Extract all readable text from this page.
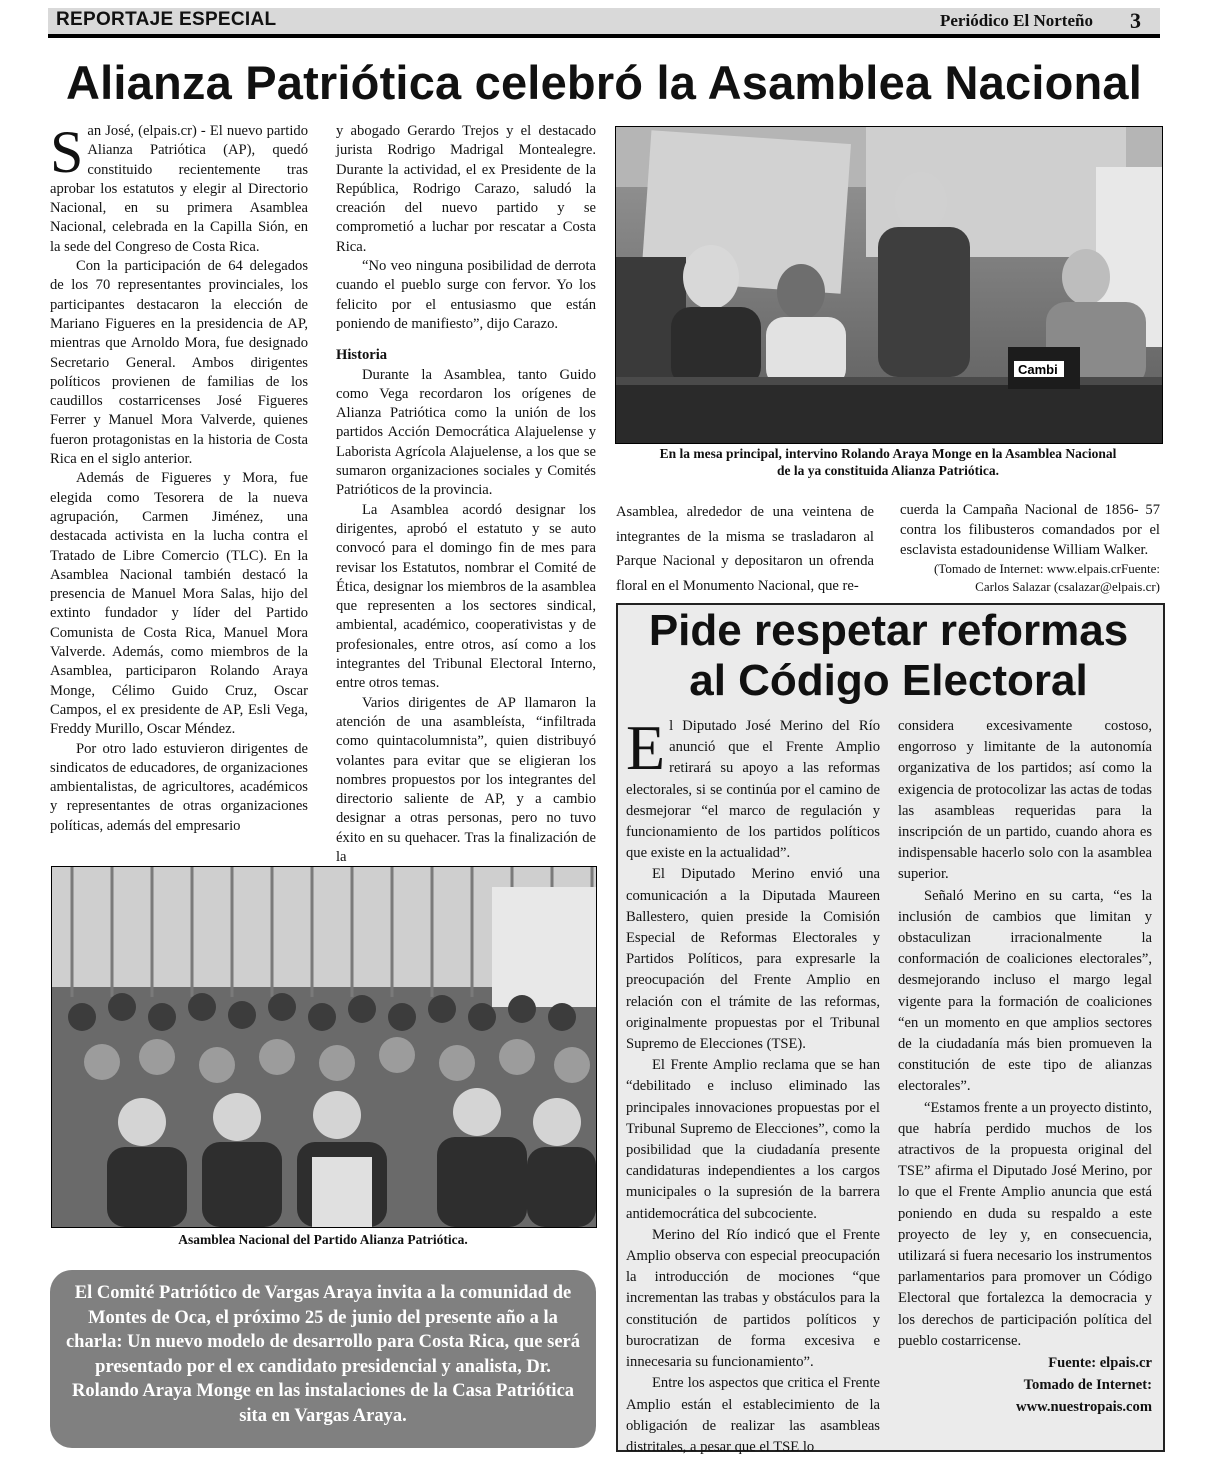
REPORTAJE ESPECIAL	Periódico El Norteño 3
Alianza Patriótica celebró la Asamblea Nacional
S an José, (elpais.cr) - El nuevo partido Alianza Patriótica (AP), quedó constituido recientemente tras aprobar los estatutos y elegir al Directorio Nacional, en su primera Asamblea Nacional, celebrada en la Capilla Sión, en la sede del Congreso de Costa Rica.

Con la participación de 64 delegados de los 70 representantes provinciales, los participantes destacaron la elección de Mariano Figueres en la presidencia de AP, mientras que Arnoldo Mora, fue designado Secretario General. Ambos dirigentes políticos provienen de familias de los caudillos costarricenses José Figueres Ferrer y Manuel Mora Valverde, quienes fueron protagonistas en la historia de Costa Rica en el siglo anterior.

Además de Figueres y Mora, fue elegida como Tesorera de la nueva agrupación, Carmen Jiménez, una destacada activista en la lucha contra el Tratado de Libre Comercio (TLC). En la Asamblea Nacional también destacó la presencia de Manuel Mora Salas, hijo del extinto fundador y líder del Partido Comunista de Costa Rica, Manuel Mora Valverde. Además, como miembros de la Asamblea, participaron Rolando Araya Monge, Célimo Guido Cruz, Oscar Campos, el ex presidente de AP, Esli Vega, Freddy Murillo, Oscar Méndez.

Por otro lado estuvieron dirigentes de sindicatos de educadores, de organizaciones ambientalistas, de agricultores, académicos y representantes de otras organizaciones políticas, además del empresario

y abogado Gerardo Trejos y el destacado jurista Rodrigo Madrigal Montealegre. Durante la actividad, el ex Presidente de la República, Rodrigo Carazo, saludó la creación del nuevo partido y se comprometió a luchar por rescatar a Costa Rica.

“No veo ninguna posibilidad de derrota cuando el pueblo surge con fervor. Yo los felicito por el entusiasmo que están poniendo de manifiesto”, dijo Carazo.

Historia

Durante la Asamblea, tanto Guido como Vega recordaron los orígenes de Alianza Patriótica como la unión de los partidos Acción Democrática Alajuelense y Laborista Agrícola Alajuelense, a los que se sumaron organizaciones sociales y Comités Patrióticos de la provincia.

La Asamblea acordó designar los dirigentes, aprobó el estatuto y se auto convocó para el domingo fin de mes para revisar los Estatutos, nombrar el Comité de Ética, designar los miembros de la asamblea que representen a los sectores sindical, ambiental, académico, cooperativistas y de profesionales, entre otros, así como a los integrantes del Tribunal Electoral Interno, entre otros temas.

Varios dirigentes de AP llamaron la atención de una asambleísta, “infiltrada como quintacolumnista”, quien distribuyó volantes para evitar que se eligieran los nombres propuestos por los integrantes del directorio saliente de AP, y a cambio designar a otras personas, pero no tuvo éxito en su quehacer. Tras la finalización de la

Cambi
En la mesa principal, intervino Rolando Araya Monge en la Asamblea Nacional
de la ya constituida Alianza Patriótica.

Asamblea, alrededor de una veintena de integrantes de la misma se trasladaron al Parque Nacional y depositaron un ofrenda floral en el Monumento Nacional, que re-

cuerda la Campaña Nacional de 1856- 57 contra los filibusteros comandados por el esclavista estadounidense William Walker.

(Tomado de Internet: www.elpais.crFuente:
Carlos Salazar (csalazar@elpais.cr)
Asamblea Nacional del Partido Alianza Patriótica.
El Comité Patriótico de Vargas Araya invita a la comunidad de Montes de Oca, el próximo 25 de junio del presente año a la charla: Un nuevo modelo de desarrollo para Costa Rica, que será presentado por el ex candidato presidencial y analista, Dr. Rolando Araya Monge en las instalaciones de la Casa Patriótica sita en Vargas Araya.
Pide respetar reformas
al Código Electoral
E l Diputado José Merino del Río anunció que el Frente Amplio retirará su apoyo a las reformas electorales, si se continúa por el camino de desmejorar “el marco de regulación y funcionamiento de los partidos políticos que existe en la actualidad”.

El Diputado Merino envió una comunicación a la Diputada Maureen Ballestero, quien preside la Comisión Especial de Reformas Electorales y Partidos Políticos, para expresarle la preocupación del Frente Amplio en relación con el trámite de las reformas, originalmente propuestas por el Tribunal Supremo de Elecciones (TSE).

El Frente Amplio reclama que se han “debilitado e incluso eliminado las principales innovaciones propuestas por el Tribunal Supremo de Elecciones”, como la posibilidad que la ciudadanía presente candidaturas independientes a los cargos municipales o la supresión de la barrera antidemocrática del subcociente.

Merino del Río indicó que el Frente Amplio observa con especial preocupación la introducción de mociones “que incrementan las trabas y obstáculos para la constitución de partidos políticos y burocratizan de forma excesiva e innecesaria su funcionamiento”.

Entre los aspectos que critica el Frente Amplio están el establecimiento de la obligación de realizar las asambleas distritales, a pesar que el TSE lo

considera excesivamente costoso, engorroso y limitante de la autonomía organizativa de los partidos; así como la exigencia de protocolizar las actas de todas las asambleas requeridas para la inscripción de un partido, cuando ahora es indispensable hacerlo solo con la asamblea superior.

Señaló Merino en su carta, “es la inclusión de cambios que limitan y obstaculizan irracionalmente la conformación de coaliciones electorales”, desmejorando incluso el margo legal vigente para la formación de coaliciones “en un momento en que amplios sectores de la ciudadanía más bien promueven la constitución de este tipo de alianzas electorales”.

“Estamos frente a un proyecto distinto, que habría perdido muchos de los atractivos de la propuesta original del TSE” afirma el Diputado José Merino, por lo que el Frente Amplio anuncia que está poniendo en duda su respaldo a este proyecto de ley y, en consecuencia, utilizará si fuera necesario los instrumentos parlamentarios para promover un Código Electoral que fortalezca la democracia y los derechos de participación política del pueblo costarricense.

Fuente: elpais.cr
Tomado de Internet:
www.nuestropais.com
